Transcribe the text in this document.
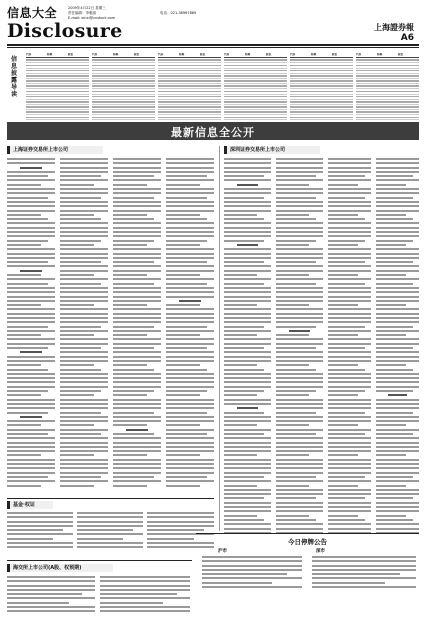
信息大全	2009年4月22日 星期三
责任编辑：李雅丽
E-mail: xinxi@cnstock.com
电话：021-38967889
Disclosure	上海證券報
A6
信息披露导读
代码	简称	版位	代码	简称	版位	代码	简称	版位	代码	简称	版位	代码	简称	版位	代码	简称	版位
最新信息全公开
上海证券交易所上市公司	深圳证券交易所上市公司
基金·权证
海交所上市公司(A股、权预期)
今日停牌公告
沪市	深市
